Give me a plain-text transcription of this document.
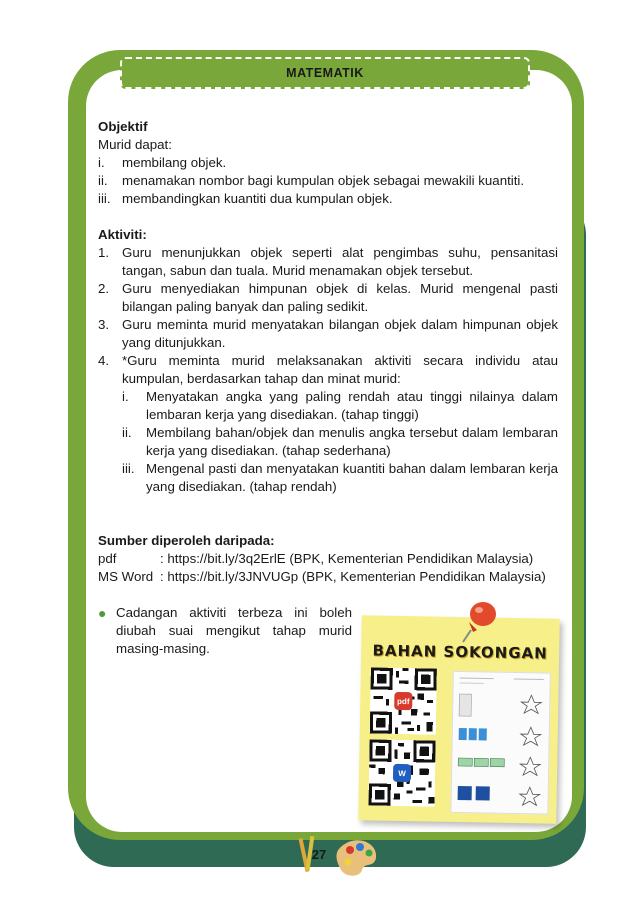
MATEMATIK
Objektif
Murid dapat:
i.	membilang objek.
ii.	menamakan nombor bagi kumpulan objek sebagai mewakili kuantiti.
iii. membandingkan kuantiti dua kumpulan objek.
Aktiviti:
1. Guru menunjukkan objek seperti alat pengimbas suhu, pensanitasi tangan, sabun dan tuala. Murid menamakan objek tersebut.
2. Guru menyediakan himpunan objek di kelas. Murid mengenal pasti bilangan paling banyak dan paling sedikit.
3. Guru meminta murid menyatakan bilangan objek dalam himpunan objek yang ditunjukkan.
4. *Guru meminta murid melaksanakan aktiviti secara individu atau kumpulan, berdasarkan tahap dan minat murid:
i.	Menyatakan angka yang paling rendah atau tinggi nilainya dalam lembaran kerja yang disediakan. (tahap tinggi)
ii.	Membilang bahan/objek dan menulis angka tersebut dalam lembaran kerja yang disediakan. (tahap sederhana)
iii. Mengenal pasti dan menyatakan kuantiti bahan dalam lembaran kerja yang disediakan. (tahap rendah)
Sumber diperoleh daripada:
pdf	: https://bit.ly/3q2ErlE (BPK, Kementerian Pendidikan Malaysia)
MS Word : https://bit.ly/3JNVUGp (BPK, Kementerian Pendidikan Malaysia)
● Cadangan aktiviti terbeza ini boleh diubah suai mengikut tahap murid masing-masing.	BAHAN SOKONGAN
pdf
W
27
